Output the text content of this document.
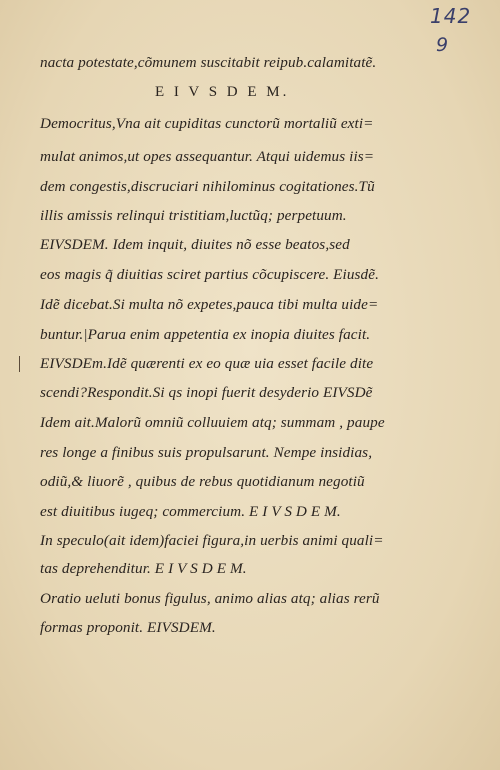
142
9
nacta potestate,cõmunem suscitabit reipub.calamitatẽ.
E I V S D E M.
Democritus,Vna ait cupiditas cunctorũ mortaliũ exti=
mulat animos,ut opes assequantur. Atqui uidemus iis=
dem congestis,discruciari nihilominus cogitationes.Tũ
illis amissis relinqui tristitiam,luctũq; perpetuum.
EIVSDEM. Idem inquit, diuites nõ esse beatos,sed
eos magis q̃ diuitias sciret partius cõcupiscere. Eiusdẽ.
Idẽ dicebat.Si multa nõ expetes,pauca tibi multa uide=
buntur.|Parua enim appetentia ex inopia diuites facit.
EIVSDEm.Idẽ quærenti ex eo quæ uia esset facile dite
scendi?Respondit.Si qs inopi fuerit desyderio EIVSDẽ
Idem ait.Malorũ omniũ colluuiem atq; summam , paupe
res longe a finibus suis propulsarunt. Nempe insidias,
odiũ,& liuorẽ , quibus de rebus quotidianum negotiũ
est diuitibus iugeq; commercium. E I V S D E M.
In speculo(ait idem)faciei figura,in uerbis animi quali=
tas deprehenditur. E I V S D E M.
Oratio ueluti bonus figulus, animo alias atq; alias rerũ
formas proponit. EIVSDEM.
